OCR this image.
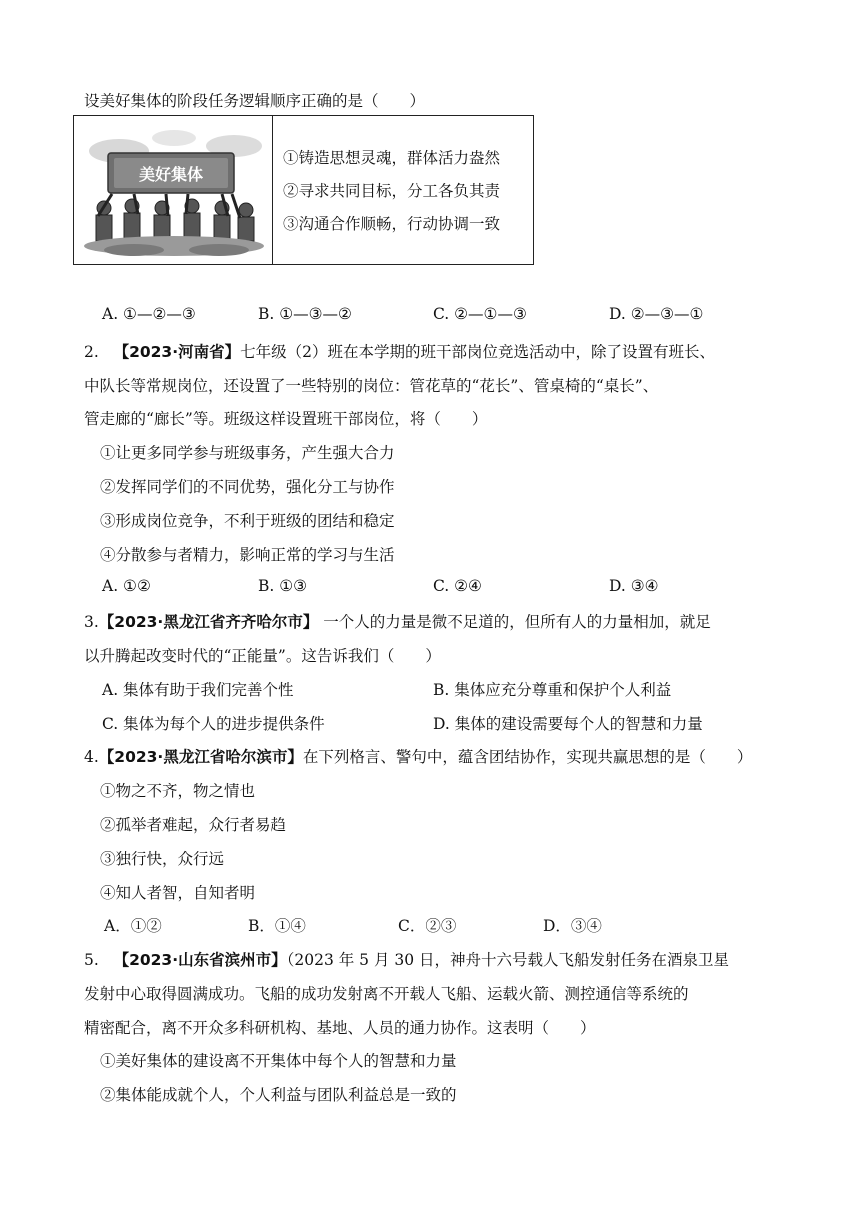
设美好集体的阶段任务逻辑顺序正确的是（　　）
美好集体
①铸造思想灵魂，群体活力盎然
②寻求共同目标，分工各负其责
③沟通合作顺畅，行动协调一致
A. ①—②—③	B. ①—③—②	C. ②—①—③	D. ②—③—①
2. 【2023·河南省】七年级（2）班在本学期的班干部岗位竞选活动中，除了设置有班长、
中队长等常规岗位，还设置了一些特别的岗位：管花草的“花长”、管桌椅的“桌长”、
管走廊的“廊长”等。班级这样设置班干部岗位，将（　　）
①让更多同学参与班级事务，产生强大合力
②发挥同学们的不同优势，强化分工与协作
③形成岗位竞争，不利于班级的团结和稳定
④分散参与者精力，影响正常的学习与生活
A. ①②	B. ①③	C. ②④	D. ③④
3.【2023·黑龙江省齐齐哈尔市】 一个人的力量是微不足道的，但所有人的力量相加，就足
以升腾起改变时代的“正能量”。这告诉我们（　　）
A. 集体有助于我们完善个性	B. 集体应充分尊重和保护个人利益
C. 集体为每个人的进步提供条件	D. 集体的建设需要每个人的智慧和力量
4.【2023·黑龙江省哈尔滨市】在下列格言、警句中，蕴含团结协作，实现共赢思想的是（　　）
①物之不齐，物之情也
②孤举者难起，众行者易趋
③独行快，众行远
④知人者智，自知者明
A．①②	B．①④	C．②③	D．③④
5. 【2023·山东省滨州市】（2023 年 5 月 30 日，神舟十六号载人飞船发射任务在酒泉卫星
发射中心取得圆满成功。飞船的成功发射离不开载人飞船、运载火箭、测控通信等系统的
精密配合，离不开众多科研机构、基地、人员的通力协作。这表明（　　）
①美好集体的建设离不开集体中每个人的智慧和力量
②集体能成就个人，个人利益与团队利益总是一致的
